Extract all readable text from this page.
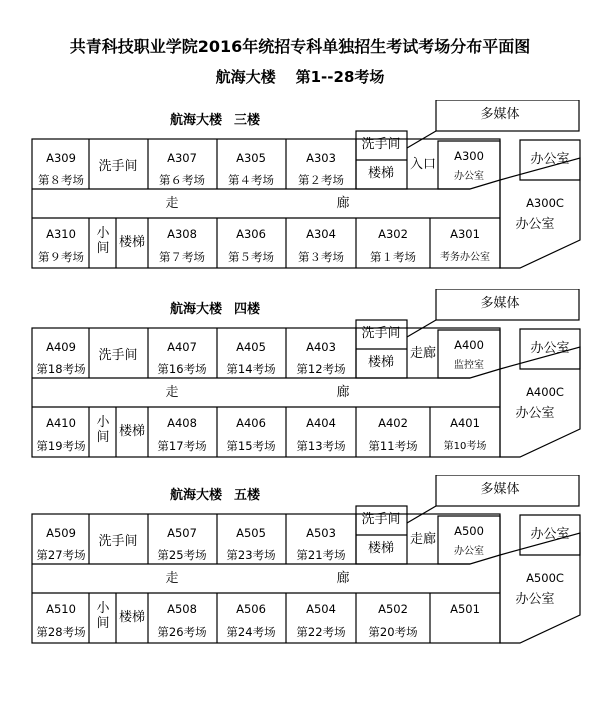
共青科技职业学院2016年统招专科单独招生考试考场分布平面图
航海大楼 第1--28考场
航海大楼 三楼
A309
第８考场
洗手间
A307
第６考场
A305
第４考场
A303
第２考场
洗手间
楼梯
入口
走	廊
A310
第９考场
小间 楼梯
A308
第７考场
A306
第５考场
A304
第３考场
A302
第１考场
A301
考务办公室
多媒体
A300
办公室
办公室
A300C
办公室
航海大楼 四楼
A409
第18考场
洗手间
A407
第16考场
A405
第14考场
A403
第12考场
洗手间
楼梯
走廊
走	廊
A410
第19考场
小间 楼梯
A408
第17考场
A406
第15考场
A404
第13考场
A402
第11考场
A401
第10考场
多媒体
A400
监控室
办公室
A400C
办公室
航海大楼 五楼
A509
第27考场
洗手间
A507
第25考场
A505
第23考场
A503
第21考场
洗手间
楼梯
走廊
走	廊
A510
第28考场
小间 楼梯
A508
第26考场
A506
第24考场
A504
第22考场
A502
第20考场
A501
多媒体
A500
办公室
办公室
A500C
办公室
